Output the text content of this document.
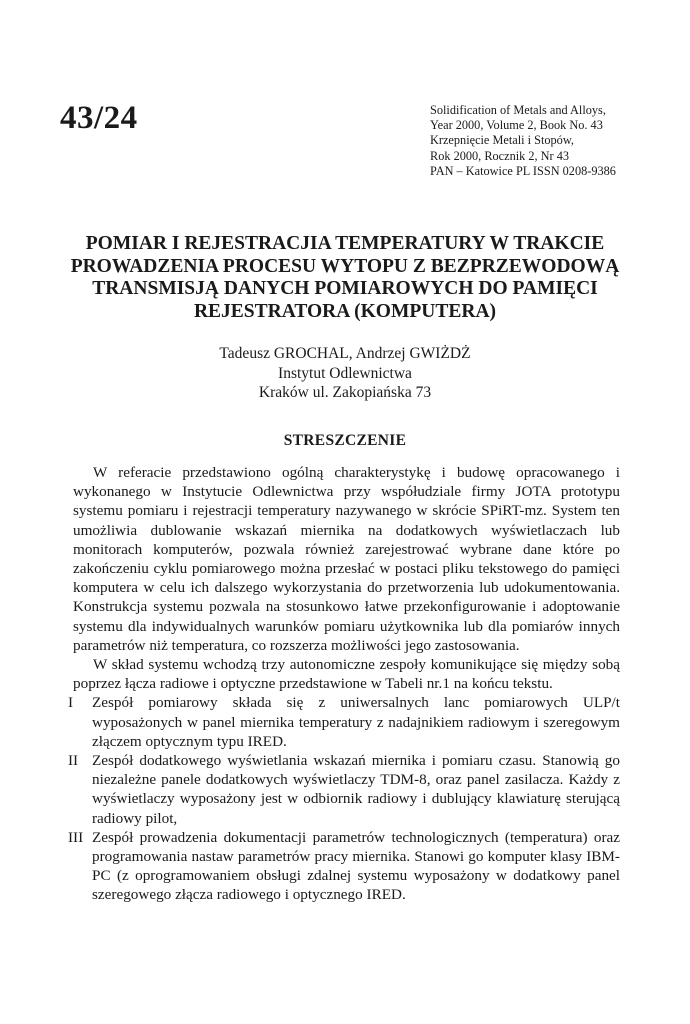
43/24	Solidification of Metals and Alloys,
Year 2000, Volume 2, Book No. 43
Krzepnięcie Metali i Stopów,
Rok 2000, Rocznik 2, Nr 43
PAN – Katowice PL ISSN 0208-9386
POMIAR I REJESTRACJIA TEMPERATURY W TRAKCIE
PROWADZENIA PROCESU WYTOPU Z BEZPRZEWODOWĄ
TRANSMISJĄ DANYCH POMIAROWYCH DO PAMIĘCI
REJESTRATORA (KOMPUTERA)
Tadeusz GROCHAL, Andrzej GWIŻDŻ
Instytut Odlewnictwa
Kraków ul. Zakopiańska 73
STRESZCZENIE

W referacie przedstawiono ogólną charakterystykę i budowę opracowanego i wykonanego w Instytucie Odlewnictwa przy współudziale firmy JOTA prototypu systemu pomiaru i rejestracji temperatury nazywanego w skrócie SPiRT-mz. System ten umożliwia dublowanie wskazań miernika na dodatkowych wyświetlaczach lub monitorach komputerów, pozwala również zarejestrować wybrane dane które po zakończeniu cyklu pomiarowego można przesłać w postaci pliku tekstowego do pamięci komputera w celu ich dalszego wykorzystania do przetworzenia lub udokumentowania. Konstrukcja systemu pozwala na stosunkowo łatwe przekonfigurowanie i adoptowanie systemu dla indywidualnych warunków pomiaru użytkownika lub dla pomiarów innych parametrów niż temperatura, co rozszerza możliwości jego zastosowania.

W skład systemu wchodzą trzy autonomiczne zespoły komunikujące się między sobą poprzez łącza radiowe i optyczne przedstawione w Tabeli nr.1 na końcu tekstu.

I	Zespół pomiarowy składa się z uniwersalnych lanc pomiarowych ULP/t wyposażonych w panel miernika temperatury z nadajnikiem radiowym i szeregowym złączem optycznym typu IRED.
II Zespół dodatkowego wyświetlania wskazań miernika i pomiaru czasu. Stanowią go niezależne panele dodatkowych wyświetlaczy TDM-8, oraz panel zasilacza. Każdy z wyświetlaczy wyposażony jest w odbiornik radiowy i dublujący klawiaturę sterującą radiowy pilot,
III Zespół prowadzenia dokumentacji parametrów technologicznych (temperatura) oraz programowania nastaw parametrów pracy miernika. Stanowi go komputer klasy IBM-PC (z oprogramowaniem obsługi zdalnej systemu wyposażony w dodatkowy panel szeregowego złącza radiowego i optycznego IRED.
